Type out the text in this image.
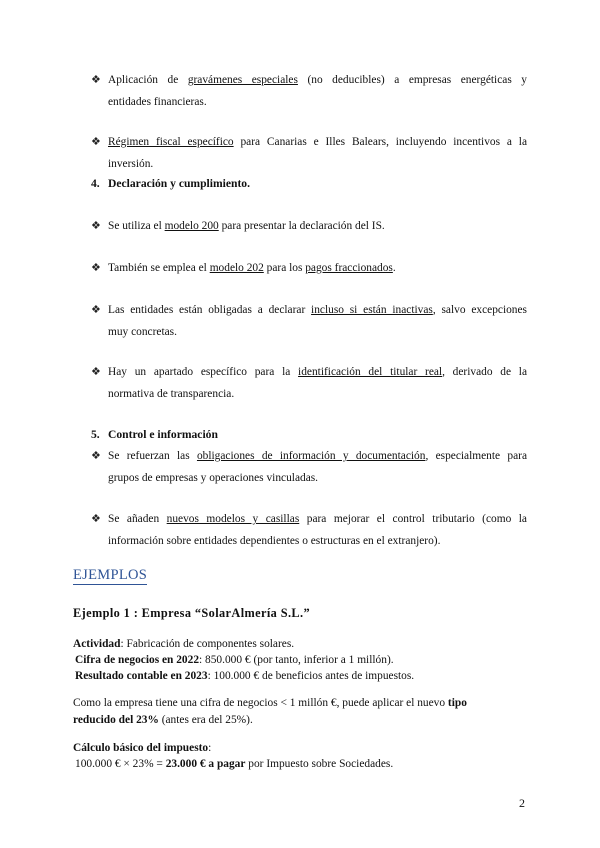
❖ Aplicación de gravámenes especiales (no deducibles) a empresas energéticas y
entidades financieras.
❖ Régimen fiscal específico para Canarias e Illes Balears, incluyendo incentivos a la
inversión.
4. Declaración y cumplimiento.
❖ Se utiliza el modelo 200 para presentar la declaración del IS.
❖ También se emplea el modelo 202 para los pagos fraccionados.
❖ Las entidades están obligadas a declarar incluso si están inactivas, salvo excepciones
muy concretas.
❖ Hay un apartado específico para la identificación del titular real, derivado de la
normativa de transparencia.
5. Control e información
❖ Se refuerzan las obligaciones de información y documentación, especialmente para
grupos de empresas y operaciones vinculadas.
❖ Se añaden nuevos modelos y casillas para mejorar el control tributario (como la
información sobre entidades dependientes o estructuras en el extranjero).
EJEMPLOS
Ejemplo 1 : Empresa “SolarAlmería S.L.”
Actividad: Fabricación de componentes solares.
Cifra de negocios en 2022: 850.000 € (por tanto, inferior a 1 millón).
Resultado contable en 2023: 100.000 € de beneficios antes de impuestos.
Como la empresa tiene una cifra de negocios < 1 millón €, puede aplicar el nuevo tipo
reducido del 23% (antes era del 25%).
Cálculo básico del impuesto:
100.000 € × 23% = 23.000 € a pagar por Impuesto sobre Sociedades.
2
